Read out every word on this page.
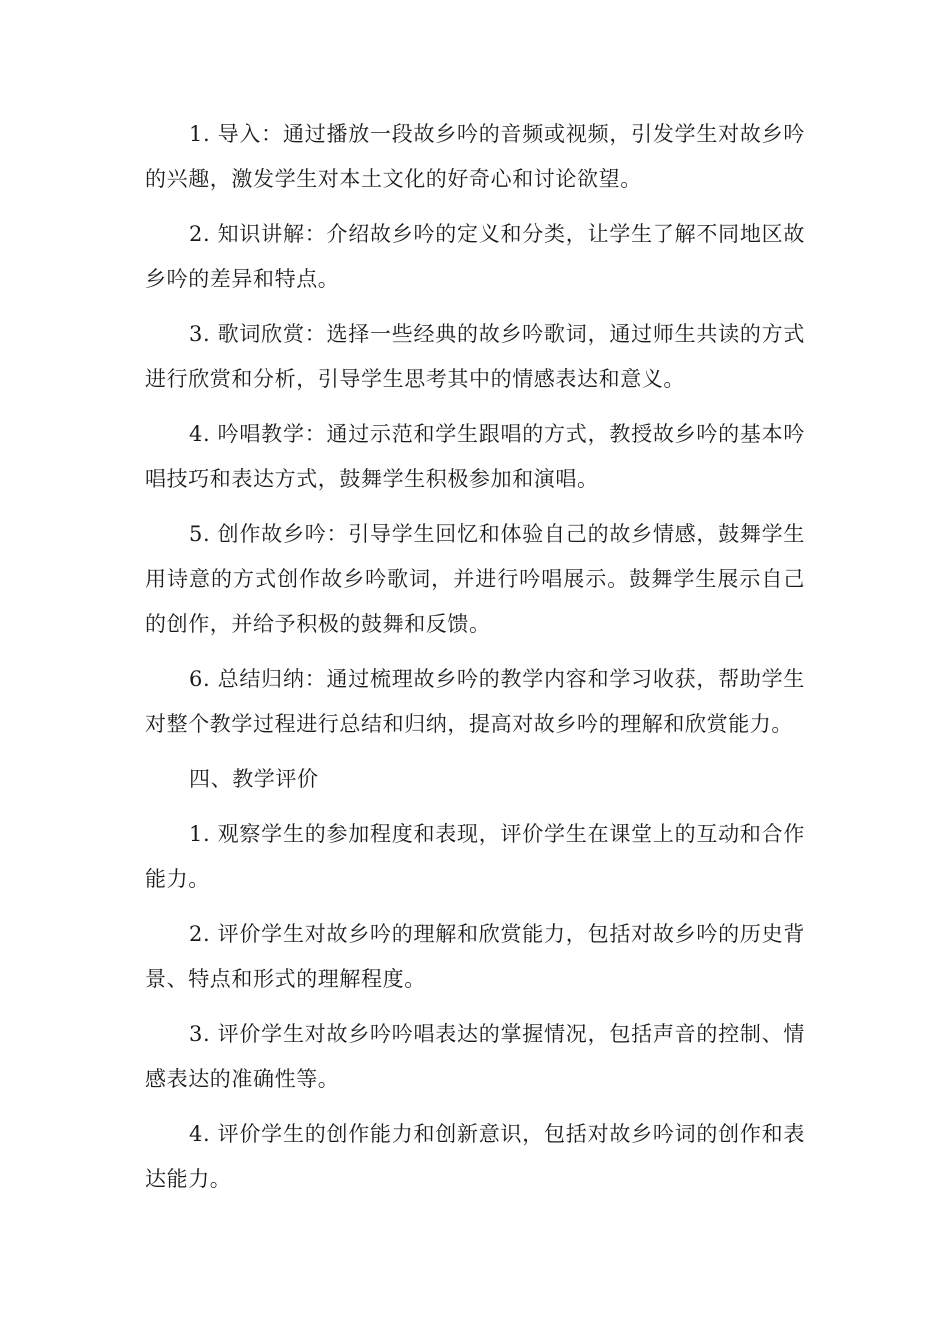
1. 导入：通过播放一段故乡吟的音频或视频，引发学生对故乡吟的兴趣，激发学生对本土文化的好奇心和讨论欲望。

2. 知识讲解：介绍故乡吟的定义和分类，让学生了解不同地区故乡吟的差异和特点。

3. 歌词欣赏：选择一些经典的故乡吟歌词，通过师生共读的方式进行欣赏和分析，引导学生思考其中的情感表达和意义。

4. 吟唱教学：通过示范和学生跟唱的方式，教授故乡吟的基本吟唱技巧和表达方式，鼓舞学生积极参加和演唱。

5. 创作故乡吟：引导学生回忆和体验自己的故乡情感，鼓舞学生用诗意的方式创作故乡吟歌词，并进行吟唱展示。鼓舞学生展示自己的创作，并给予积极的鼓舞和反馈。

6. 总结归纳：通过梳理故乡吟的教学内容和学习收获，帮助学生对整个教学过程进行总结和归纳，提高对故乡吟的理解和欣赏能力。

四、教学评价

1. 观察学生的参加程度和表现，评价学生在课堂上的互动和合作能力。

2. 评价学生对故乡吟的理解和欣赏能力，包括对故乡吟的历史背景、特点和形式的理解程度。

3. 评价学生对故乡吟吟唱表达的掌握情况，包括声音的控制、情感表达的准确性等。

4. 评价学生的创作能力和创新意识，包括对故乡吟词的创作和表达能力。
